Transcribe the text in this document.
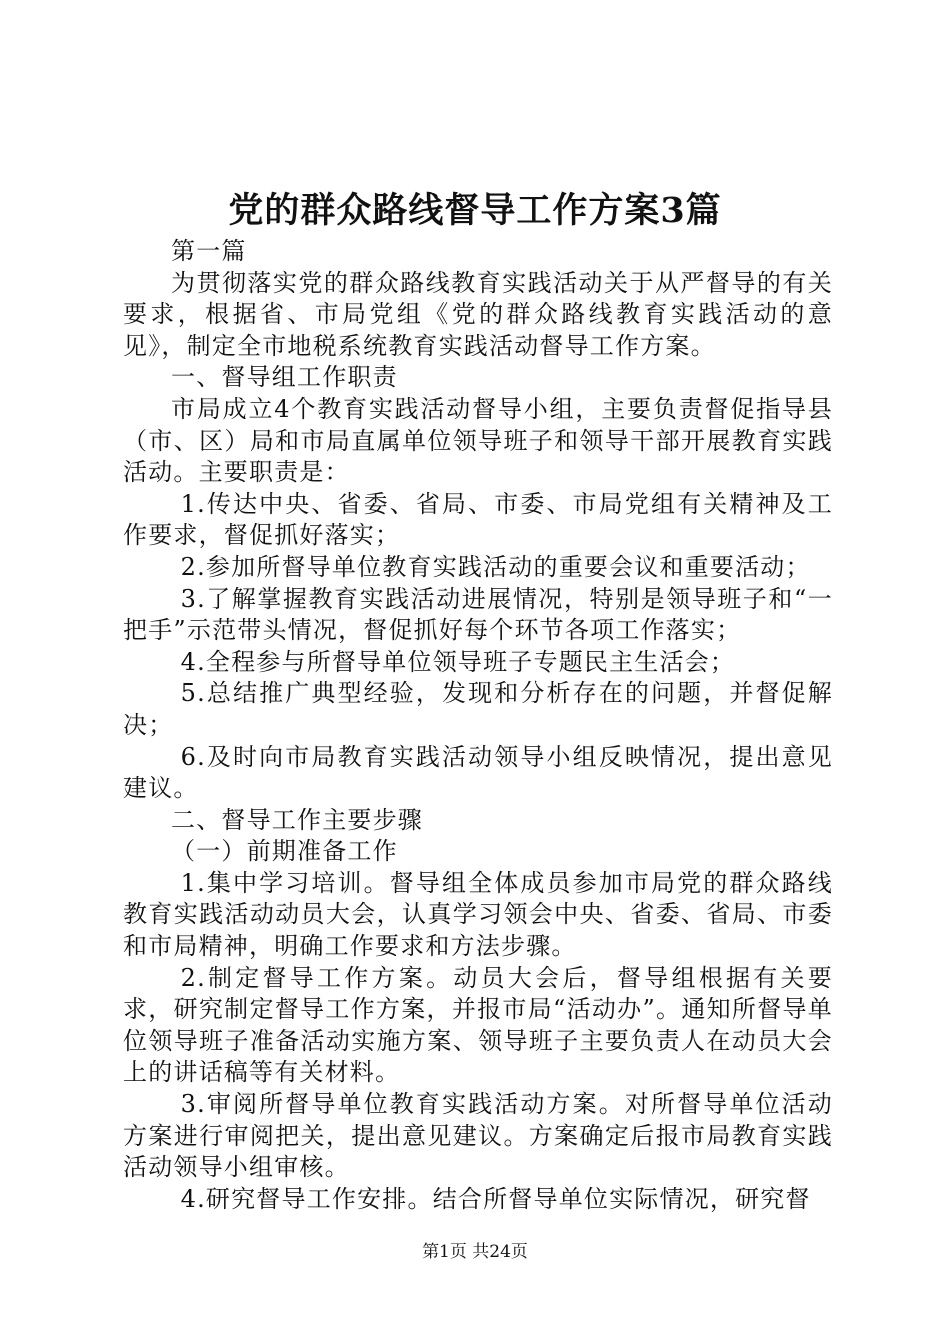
党的群众路线督导工作方案3篇

第一篇

为贯彻落实党的群众路线教育实践活动关于从严督导的有关要求，根据省、市局党组《党的群众路线教育实践活动的意见》，制定全市地税系统教育实践活动督导工作方案。

一、督导组工作职责

市局成立4个教育实践活动督导小组，主要负责督促指导县（市、区）局和市局直属单位领导班子和领导干部开展教育实践活动。主要职责是：

1.传达中央、省委、省局、市委、市局党组有关精神及工作要求，督促抓好落实；

2.参加所督导单位教育实践活动的重要会议和重要活动；

3.了解掌握教育实践活动进展情况，特别是领导班子和“一把手”示范带头情况，督促抓好每个环节各项工作落实；

4.全程参与所督导单位领导班子专题民主生活会；

5.总结推广典型经验，发现和分析存在的问题，并督促解决；

6.及时向市局教育实践活动领导小组反映情况，提出意见建议。

二、督导工作主要步骤

（一）前期准备工作

1.集中学习培训。督导组全体成员参加市局党的群众路线教育实践活动动员大会，认真学习领会中央、省委、省局、市委和市局精神，明确工作要求和方法步骤。

2.制定督导工作方案。动员大会后，督导组根据有关要求，研究制定督导工作方案，并报市局“活动办”。通知所督导单位领导班子准备活动实施方案、领导班子主要负责人在动员大会上的讲话稿等有关材料。

3.审阅所督导单位教育实践活动方案。对所督导单位活动方案进行审阅把关，提出意见建议。方案确定后报市局教育实践活动领导小组审核。

4.研究督导工作安排。结合所督导单位实际情况，研究督

第1页 共24页
